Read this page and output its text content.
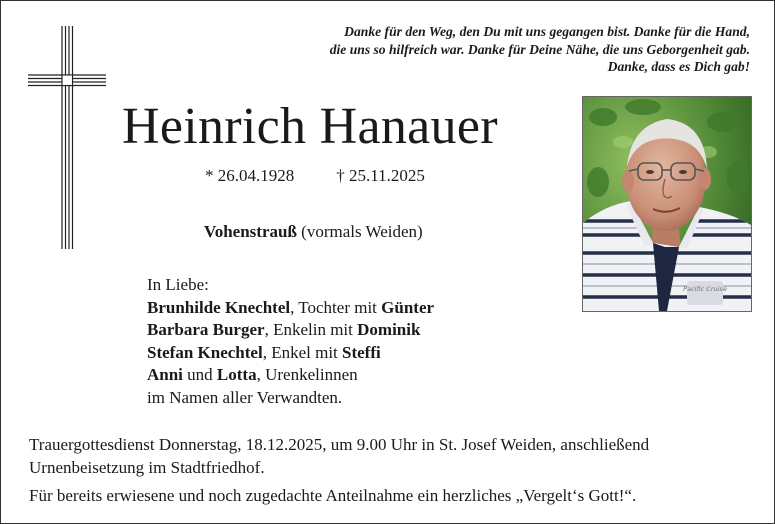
Danke für den Weg, den Du mit uns gegangen bist. Danke für die Hand,
die uns so hilfreich war. Danke für Deine Nähe, die uns Geborgenheit gab.
Danke, dass es Dich gab!
Heinrich Hanauer
* 26.04.1928 † 25.11.2025
Vohenstrauß (vormals Weiden)
In Liebe:
Brunhilde Knechtel, Tochter mit Günter
Barbara Burger, Enkelin mit Dominik
Stefan Knechtel, Enkel mit Steffi
Anni und Lotta, Urenkelinnen
im Namen aller Verwandten.
Pacific Cruise
Trauergottesdienst Donnerstag, 18.12.2025, um 9.00 Uhr in St. Josef Weiden, anschließend Urnenbeisetzung im Stadtfriedhof.
Für bereits erwiesene und noch zugedachte Anteilnahme ein herzliches „Vergelt‘s Gott!“.
